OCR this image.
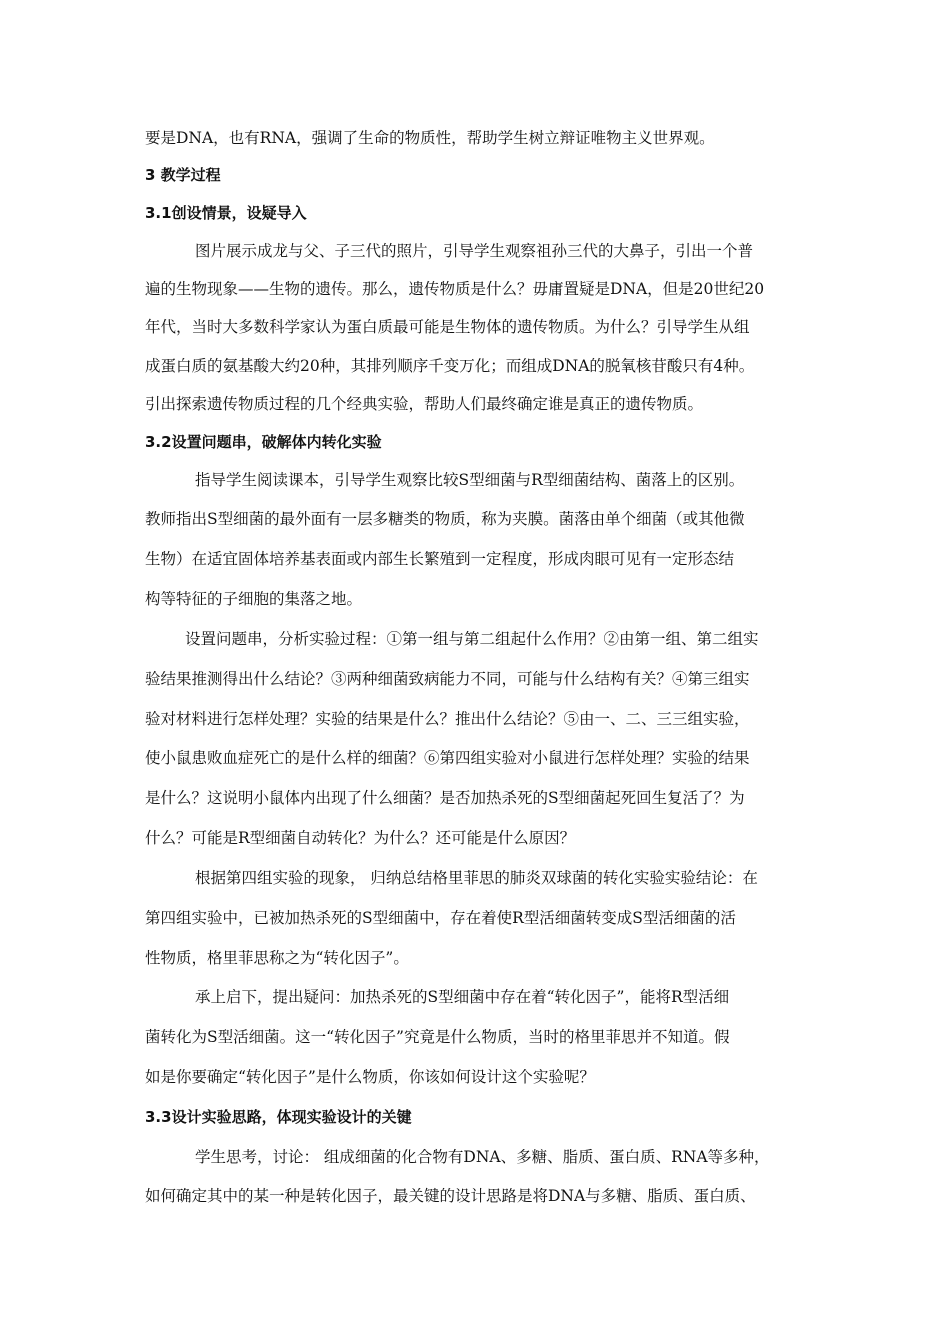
要是DNA，也有RNA，强调了生命的物质性，帮助学生树立辩证唯物主义世界观。
3 教学过程
3.1创设情景，设疑导入
图片展示成龙与父、子三代的照片，引导学生观察祖孙三代的大鼻子，引出一个普
遍的生物现象——生物的遗传。那么，遗传物质是什么？毋庸置疑是DNA，但是20世纪20
年代，当时大多数科学家认为蛋白质最可能是生物体的遗传物质。为什么？引导学生从组
成蛋白质的氨基酸大约20种，其排列顺序千变万化；而组成DNA的脱氧核苷酸只有4种。
引出探索遗传物质过程的几个经典实验，帮助人们最终确定谁是真正的遗传物质。
3.2设置问题串，破解体内转化实验
指导学生阅读课本，引导学生观察比较S型细菌与R型细菌结构、菌落上的区别。
教师指出S型细菌的最外面有一层多糖类的物质，称为夹膜。菌落由单个细菌（或其他微
生物）在适宜固体培养基表面或内部生长繁殖到一定程度，形成肉眼可见有一定形态结
构等特征的子细胞的集落之地。
设置问题串，分析实验过程：①第一组与第二组起什么作用？②由第一组、第二组实
验结果推测得出什么结论？③两种细菌致病能力不同，可能与什么结构有关？④第三组实
验对材料进行怎样处理？实验的结果是什么？推出什么结论？⑤由一、二、三三组实验，
使小鼠患败血症死亡的是什么样的细菌？⑥第四组实验对小鼠进行怎样处理？实验的结果
是什么？这说明小鼠体内出现了什么细菌？是否加热杀死的S型细菌起死回生复活了？为
什么？可能是R型细菌自动转化？为什么？还可能是什么原因？
根据第四组实验的现象， 归纳总结格里菲思的肺炎双球菌的转化实验实验结论：在
第四组实验中，已被加热杀死的S型细菌中，存在着使R型活细菌转变成S型活细菌的活
性物质，格里菲思称之为“转化因子”。
承上启下，提出疑问：加热杀死的S型细菌中存在着“转化因子”，能将R型活细
菌转化为S型活细菌。这一“转化因子”究竟是什么物质，当时的格里菲思并不知道。假
如是你要确定“转化因子”是什么物质，你该如何设计这个实验呢？
3.3设计实验思路，体现实验设计的关键
学生思考，讨论： 组成细菌的化合物有DNA、多糖、脂质、蛋白质、RNA等多种，
如何确定其中的某一种是转化因子，最关键的设计思路是将DNA与多糖、脂质、蛋白质、
